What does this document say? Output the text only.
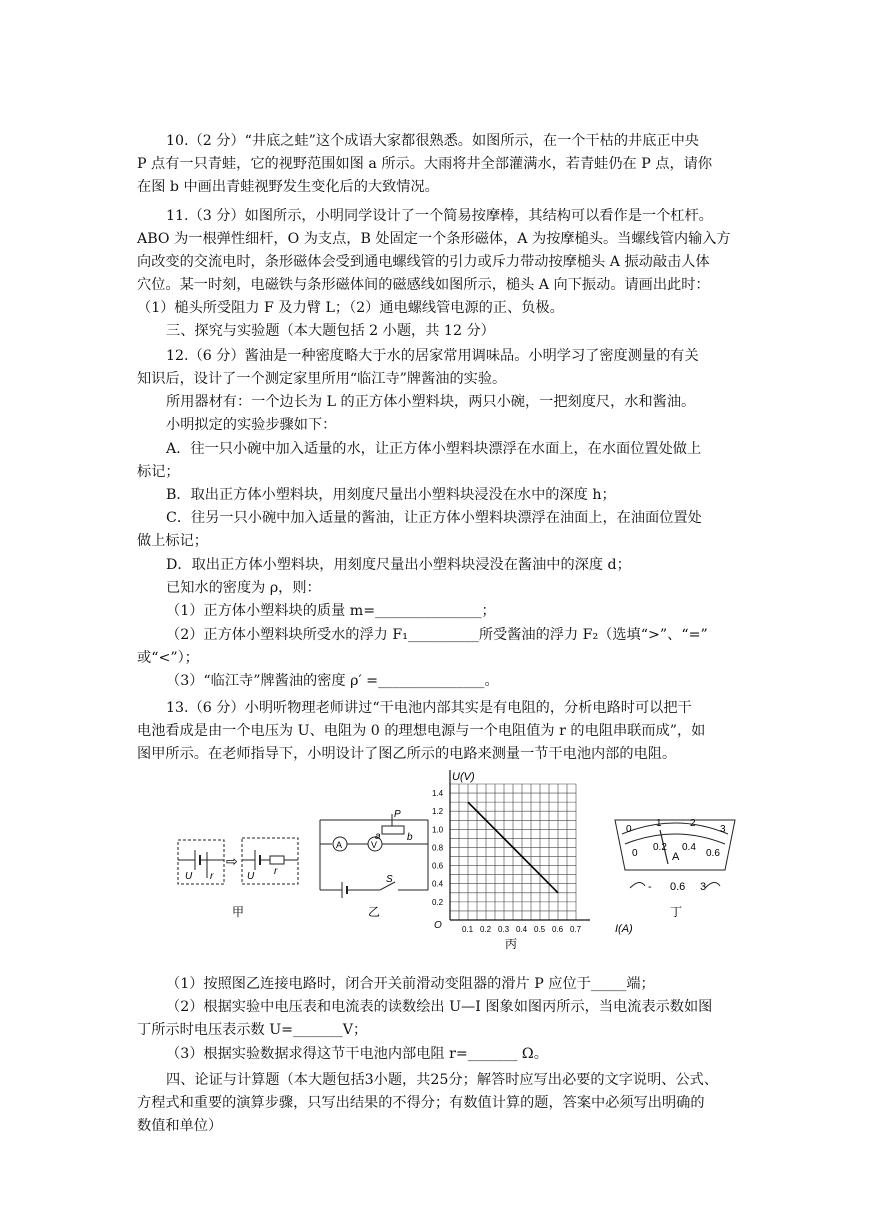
10.（2 分）“井底之蛙”这个成语大家都很熟悉。如图所示，在一个干枯的井底正中央
P 点有一只青蛙，它的视野范围如图 a 所示。大雨将井全部灌满水，若青蛙仍在 P 点，请你
在图 b 中画出青蛙视野发生变化后的大致情况。
11.（3 分）如图所示，小明同学设计了一个简易按摩棒，其结构可以看作是一个杠杆。
ABO 为一根弹性细杆，O 为支点，B 处固定一个条形磁体，A 为按摩槌头。当螺线管内输入方
向改变的交流电时，条形磁体会受到通电螺线管的引力或斥力带动按摩槌头 A 振动敲击人体
穴位。某一时刻，电磁铁与条形磁体间的磁感线如图所示，槌头 A 向下振动。请画出此时：
（1）槌头所受阻力 F 及力臂 L；（2）通电螺线管电源的正、负极。
三、探究与实验题（本大题包括 2 小题，共 12 分）
12.（6 分）酱油是一种密度略大于水的居家常用调味品。小明学习了密度测量的有关
知识后，设计了一个测定家里所用“临江寺”牌酱油的实验。
所用器材有：一个边长为 L 的正方体小塑料块，两只小碗，一把刻度尺，水和酱油。
小明拟定的实验步骤如下：
A．往一只小碗中加入适量的水，让正方体小塑料块漂浮在水面上，在水面位置处做上
标记；
B．取出正方体小塑料块，用刻度尺量出小塑料块浸没在水中的深度 h；
C．往另一只小碗中加入适量的酱油，让正方体小塑料块漂浮在油面上，在油面位置处
做上标记；
D．取出正方体小塑料块，用刻度尺量出小塑料块浸没在酱油中的深度 d；
已知水的密度为 ρ，则：
（1）正方体小塑料块的质量 m=_______________；
（2）正方体小塑料块所受水的浮力 F₁__________所受酱油的浮力 F₂（选填“>”、“=”
或“<”）；
（3）“临江寺”牌酱油的密度 ρ′ =_______________。
13.（6 分）小明听物理老师讲过“干电池内部其实是有电阻的，分析电路时可以把干
电池看成是由一个电压为 U、电阻为 0 的理想电源与一个电阻值为 r 的电阻串联而成”，如
图甲所示。在老师指导下，小明设计了图乙所示的电路来测量一节干电池内部的电阻。
（1）按照图乙连接电路时，闭合开关前滑动变阻器的滑片 P 应位于_____端；
（2）根据实验中电压表和电流表的读数绘出 U—I 图象如图丙所示，当电流表示数如图
丁所示时电压表示数 U=_______V；
（3）根据实验数据求得这节干电池内部电阻 r=_______ Ω。
四、论证与计算题（本大题包括3小题，共25分；解答时应写出必要的文字说明、公式、
方程式和重要的演算步骤，只写出结果的不得分；有数值计算的题，答案中必须写出明确的
数值和单位）
U r
⇨
U r
甲
P
a	b
A	V
S
乙
0.2
0.4
0.6
0.8
1.0
1.2
1.4
0.1 0.2 0.3 0.4 0.5 0.6 0.7
U(V)
I(A)
O
丙
0
1	2
3
0
0.2 0.4
0.6
A
- 0.6 3
丁
